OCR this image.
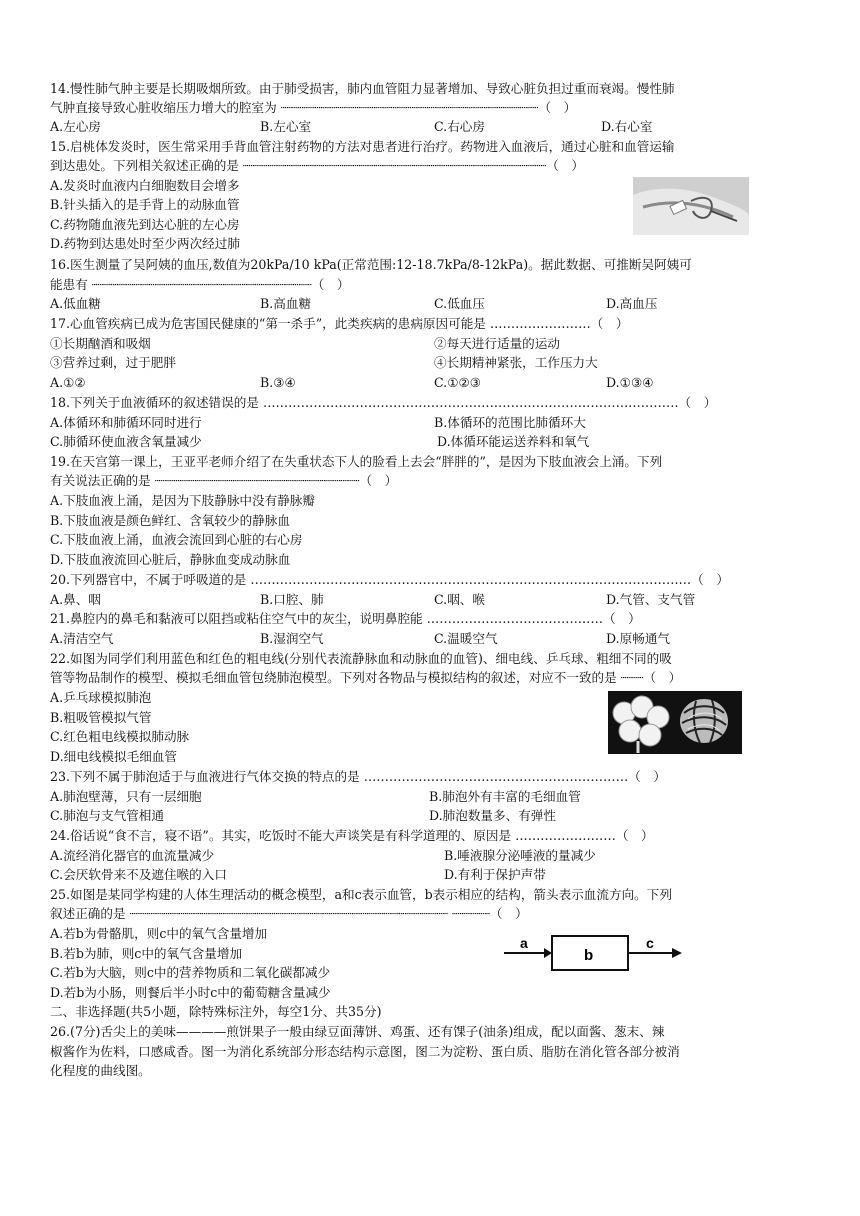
14.慢性肺气肿主要是长期吸烟所致。由于肺受损害，肺内血管阻力显著增加、导致心脏负担过重而衰竭。慢性肺
气肿直接导致心脏收缩压力增大的腔室为 ┈┈┈┈┈┈┈┈┈┈┈┈┈┈┈┈┈┈┈┈┈┈┈┈┈┈┈┈┈┈┈┈┈┈（　）
A.左心房	B.左心室	C.右心房	D.右心室
15.启桃体发炎时，医生常采用手背血管注射药物的方法对患者进行治疗。药物进入血液后，通过心脏和血管运输
到达患处。下列相关叙述正确的是 ┈┈┈┈┈┈┈┈┈┈┈┈┈┈┈┈┈┈┈┈┈┈┈┈┈┈┈┈┈┈┈┈┈┈┈┈┈┈┈┈（　）
A.发炎时血液内白细胞数目会增多
B.针头插入的是手背上的动脉血管
C.药物随血液先到达心脏的左心房
D.药物到达患处时至少两次经过肺
16.医生测量了吴阿姨的血压,数值为20kPa/10 kPa(正常范围:12-18.7kPa/8-12kPa)。据此数据、可推断吴阿姨可
能患有 ┈┈┈┈┈┈┈┈┈┈┈┈┈┈┈┈┈┈┈┈┈┈┈┈┈┈┈┈┈（　）
A.低血糖	B.高血糖	C.低血压	D.高血压
17.心血管疾病已成为危害国民健康的“第一杀手”，此类疾病的患病原因可能是 ……………………（　）
①长期酗酒和吸烟	②每天进行适量的运动
③营养过剩，过于肥胖	④长期精神紧张，工作压力大
A.①②	B.③④	C.①②③	D.①③④
18.下列关于血液循环的叙述错误的是 ………………………………………………………………………………………（　）
A.体循环和肺循环同时进行	B.体循环的范围比肺循环大
C.肺循环使血液含氧量减少	D.体循环能运送养料和氧气
19.在天宫第一课上，王亚平老师介绍了在失重状态下人的脸看上去会“胖胖的”，是因为下肢血液会上涌。下列
有关说法正确的是 ┈┈┈┈┈┈┈┈┈┈┈┈┈┈┈┈┈┈┈┈┈┈┈┈┈┈┈（　）
A.下肢血液上涌，是因为下肢静脉中没有静脉瓣
B.下肢血液是颜色鲜红、含氧较少的静脉血
C.下肢血液上涌，血液会流回到心脏的右心房
D.下肢血液流回心脏后，静脉血变成动脉血
20.下列器官中，不属于呼吸道的是 ……………………………………………………………………………………………（　）
A.鼻、咽	B.口腔、肺	C.咽、喉	D.气管、支气管
21.鼻腔内的鼻毛和黏液可以阻挡或粘住空气中的灰尘，说明鼻腔能 ……………………………………（　）
A.清洁空气	B.湿润空气	C.温暖空气	D.原畅通气
22.如图为同学们利用蓝色和红色的粗电线(分别代表流静脉血和动脉血的血管)、细电线、乒乓球、粗细不同的吸
管等物品制作的模型、模拟毛细血管包绕肺泡模型。下列对各物品与模拟结构的叙述，对应不一致的是 ┈┈┈（　）
A.乒乓球模拟肺泡
B.粗吸管模拟气管
C.红色粗电线模拟肺动脉
D.细电线模拟毛细血管
23.下列不属于肺泡适于与血液进行气体交换的特点的是 ………………………………………………………（　）
A.肺泡壁薄，只有一层细胞	B.肺泡外有丰富的毛细血管
C.肺泡与支气管相通	D.肺泡数量多、有弹性
24.俗话说“食不言，寝不语”。其实，吃饭时不能大声谈笑是有科学道理的、原因是 ……………………（　）
A.流经消化器官的血流量减少	B.唾液腺分泌唾液的量减少
C.会厌软骨来不及遮住喉的入口	D.有利于保护声带
25.如图是某同学构建的人体生理活动的概念模型，a和c表示血管，b表示相应的结构，箭头表示血流方向。下列
叙述正确的是 ┈┈┈┈┈┈┈┈┈┈┈┈┈┈┈┈┈┈┈┈┈┈┈┈┈┈┈┈┈┈┈┈┈┈┈┈┈┈┈┈┈┈ ┈┈┈┈┈（　）
A.若b为骨骼肌，则c中的氧气含量增加
B.若b为肺，则c中的氧气含量增加
C.若b为大脑，则c中的营养物质和二氧化碳都减少
D.若b为小肠，则餐后半小时c中的葡萄糖含量减少
a
b
c
二、非选择题(共5小题，除特殊标注外，每空1分、共35分)
26.(7分)舌尖上的美味————煎饼果子一般由绿豆面薄饼、鸡蛋、还有馃子(油条)组成，配以面酱、葱末、辣
椒酱作为佐料，口感咸香。图一为消化系统部分形态结构示意图，图二为淀粉、蛋白质、脂肪在消化管各部分被消
化程度的曲线图。
